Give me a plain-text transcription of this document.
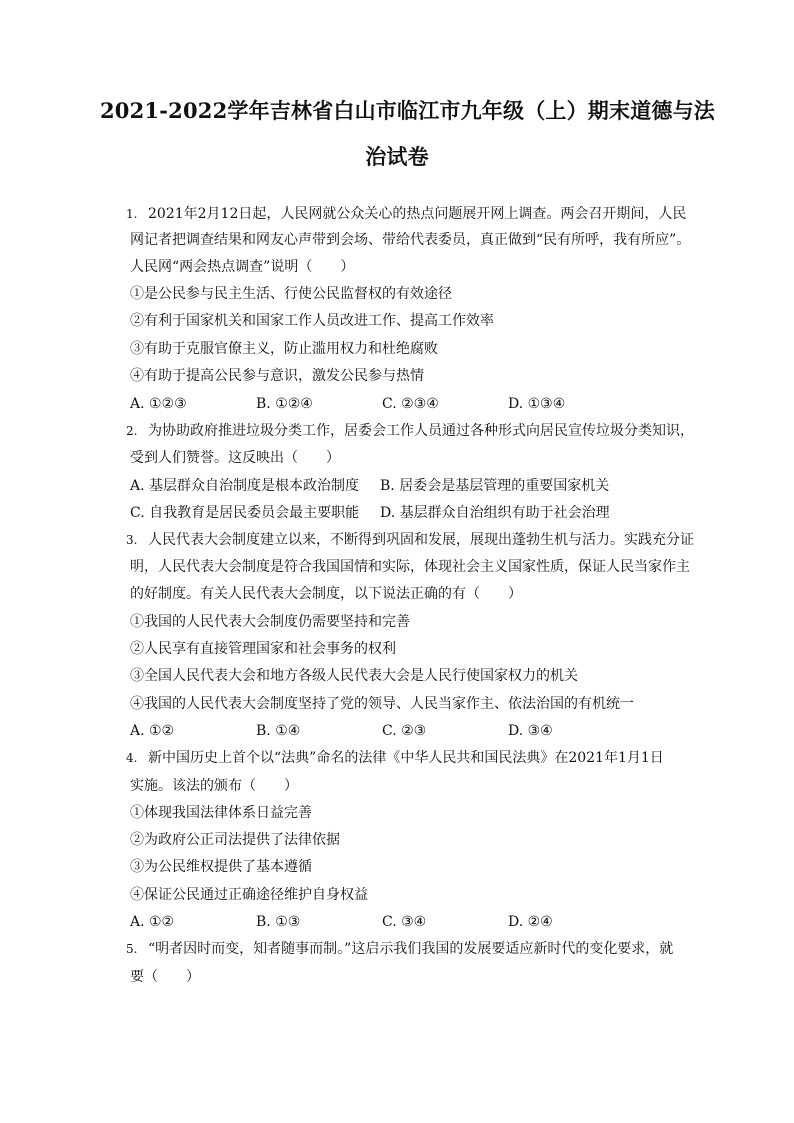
2021-2022学年吉林省白山市临江市九年级（上）期末道德与法
治试卷
1. 2021年2月12日起，人民网就公众关心的热点问题展开网上调查。两会召开期间，人民
网记者把调查结果和网友心声带到会场、带给代表委员，真正做到“民有所呼，我有所应”。
人民网“两会热点调查”说明（　　）
①是公民参与民主生活、行使公民监督权的有效途径
②有利于国家机关和国家工作人员改进工作、提高工作效率
③有助于克服官僚主义，防止滥用权力和杜绝腐败
④有助于提高公民参与意识，激发公民参与热情
A. ①②③	B. ①②④	C. ②③④	D. ①③④
2. 为协助政府推进垃圾分类工作，居委会工作人员通过各种形式向居民宣传垃圾分类知识，
受到人们赞誉。这反映出（　　）
A. 基层群众自治制度是根本政治制度 B. 居委会是基层管理的重要国家机关
C. 自我教育是居民委员会最主要职能 D. 基层群众自治组织有助于社会治理
3. 人民代表大会制度建立以来，不断得到巩固和发展，展现出蓬勃生机与活力。实践充分证
明，人民代表大会制度是符合我国国情和实际，体现社会主义国家性质，保证人民当家作主
的好制度。有关人民代表大会制度，以下说法正确的有（　　）
①我国的人民代表大会制度仍需要坚持和完善
②人民享有直接管理国家和社会事务的权利
③全国人民代表大会和地方各级人民代表大会是人民行使国家权力的机关
④我国的人民代表大会制度坚持了党的领导、人民当家作主、依法治国的有机统一
A. ①②	B. ①④	C. ②③	D. ③④
4. 新中国历史上首个以“法典”命名的法律《中华人民共和国民法典》在2021年1月1日
实施。该法的颁布（　　）
①体现我国法律体系日益完善
②为政府公正司法提供了法律依据
③为公民维权提供了基本遵循
④保证公民通过正确途径维护自身权益
A. ①②	B. ①③	C. ③④	D. ②④
5. “明者因时而变，知者随事而制。”这启示我们我国的发展要适应新时代的变化要求，就
要（　　）
